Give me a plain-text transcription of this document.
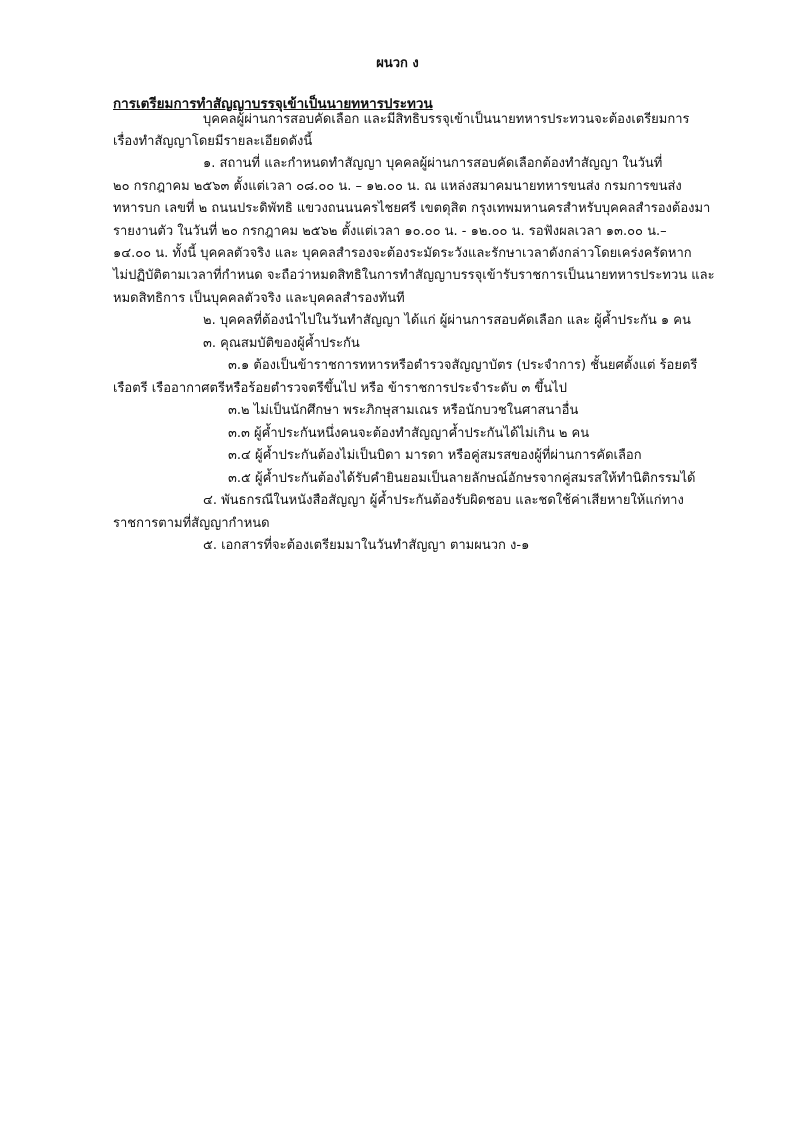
ผนวก ง
การเตรียมการทำสัญญาบรรจุเข้าเป็นนายทหารประทวน
บุคคลผู้ผ่านการสอบคัดเลือก และมีสิทธิบรรจุเข้าเป็นนายทหารประทวนจะต้องเตรียมการ
เรื่องทำสัญญาโดยมีรายละเอียดดังนี้
๑. สถานที่ และกำหนดทำสัญญา บุคคลผู้ผ่านการสอบคัดเลือกต้องทำสัญญา ในวันที่
๒๐ กรกฎาคม ๒๕๖๓ ตั้งแต่เวลา ๐๘.๐๐ น. – ๑๒.๐๐ น. ณ แหล่งสมาคมนายทหารขนส่ง กรมการขนส่ง
ทหารบก เลขที่ ๒ ถนนประดิพัทธิ แขวงถนนนครไชยศรี เขตดุสิต กรุงเทพมหานครสำหรับบุคคลสำรองต้องมา
รายงานตัว ในวันที่ ๒๐ กรกฎาคม ๒๕๖๒ ตั้งแต่เวลา ๑๐.๐๐ น. - ๑๒.๐๐ น. รอฟังผลเวลา ๑๓.๐๐ น.–
๑๔.๐๐ น. ทั้งนี้ บุคคลตัวจริง และ บุคคลสำรองจะต้องระมัดระวังและรักษาเวลาดังกล่าวโดยเคร่งครัดหาก
ไม่ปฏิบัติตามเวลาที่กำหนด จะถือว่าหมดสิทธิในการทำสัญญาบรรจุเข้ารับราชการเป็นนายทหารประทวน และ
หมดสิทธิการ เป็นบุคคลตัวจริง และบุคคลสำรองทันที
๒. บุคคลที่ต้องนำไปในวันทำสัญญา ได้แก่ ผู้ผ่านการสอบคัดเลือก และ ผู้ค้ำประกัน ๑ คน
๓. คุณสมบัติของผู้ค้ำประกัน
๓.๑ ต้องเป็นข้าราชการทหารหรือตำรวจสัญญาบัตร (ประจำการ) ชั้นยศตั้งแต่ ร้อยตรี
เรือตรี เรืออากาศตรีหรือร้อยตำรวจตรีขึ้นไป หรือ ข้าราชการประจำระดับ ๓ ขึ้นไป
๓.๒ ไม่เป็นนักศึกษา พระภิกษุสามเณร หรือนักบวชในศาสนาอื่น
๓.๓ ผู้ค้ำประกันหนึ่งคนจะต้องทำสัญญาค้ำประกันได้ไม่เกิน ๒ คน
๓.๔ ผู้ค้ำประกันต้องไม่เป็นบิดา มารดา หรือคู่สมรสของผู้ที่ผ่านการคัดเลือก
๓.๕ ผู้ค้ำประกันต้องได้รับคำยินยอมเป็นลายลักษณ์อักษรจากคู่สมรสให้ทำนิติกรรมได้
๔. พันธกรณีในหนังสือสัญญา ผู้ค้ำประกันต้องรับผิดชอบ และชดใช้ค่าเสียหายให้แก่ทาง
ราชการตามที่สัญญากำหนด
๕. เอกสารที่จะต้องเตรียมมาในวันทำสัญญา ตามผนวก ง-๑
